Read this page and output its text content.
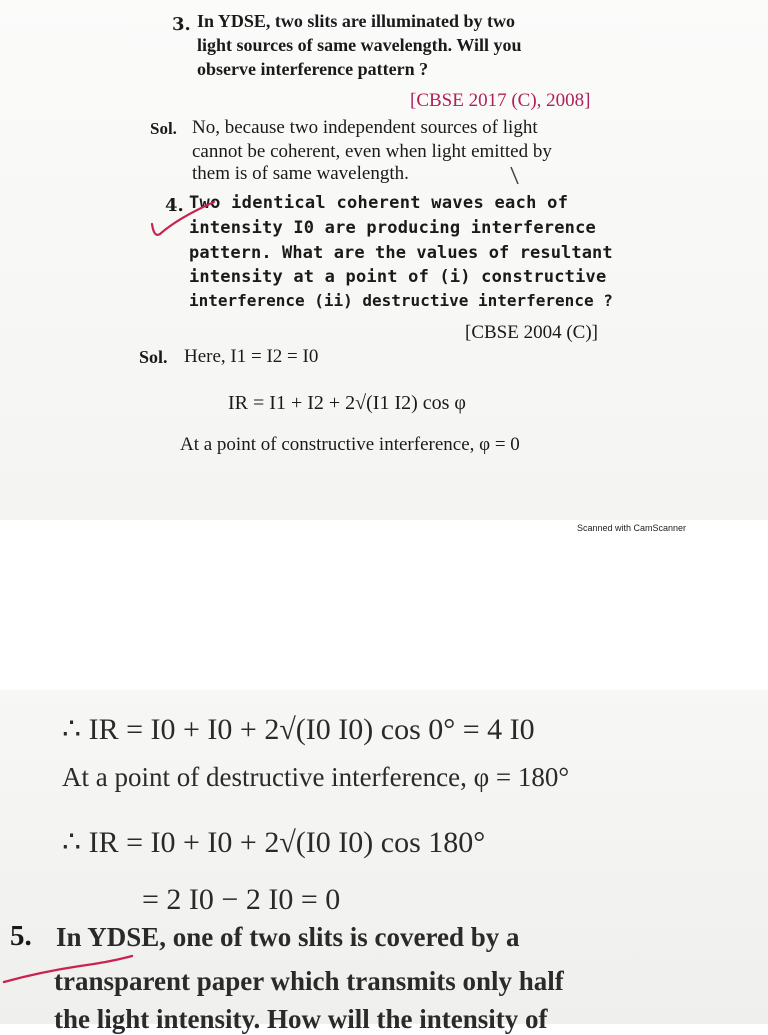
3. In YDSE, two slits are illuminated by two
light sources of same wavelength. Will you
observe interference pattern ?
[CBSE 2017 (C), 2008]
Sol. No, because two independent sources of light
cannot be coherent, even when light emitted by
them is of same wavelength.
4. Two identical coherent waves each of
intensity I0 are producing interference
pattern. What are the values of resultant
intensity at a point of (i) constructive
interference (ii) destructive interference ?
[CBSE 2004 (C)]
Sol. Here, I1 = I2 = I0
IR = I1 + I2 + 2√(I1 I2) cos φ
At a point of constructive interference, φ = 0
Scanned with CamScanner
∴ IR = I0 + I0 + 2√(I0 I0) cos 0° = 4 I0
At a point of destructive interference, φ = 180°
∴ IR = I0 + I0 + 2√(I0 I0) cos 180°
= 2 I0 − 2 I0 = 0
5. In YDSE, one of two slits is covered by a
transparent paper which transmits only half
the light intensity. How will the intensity of
